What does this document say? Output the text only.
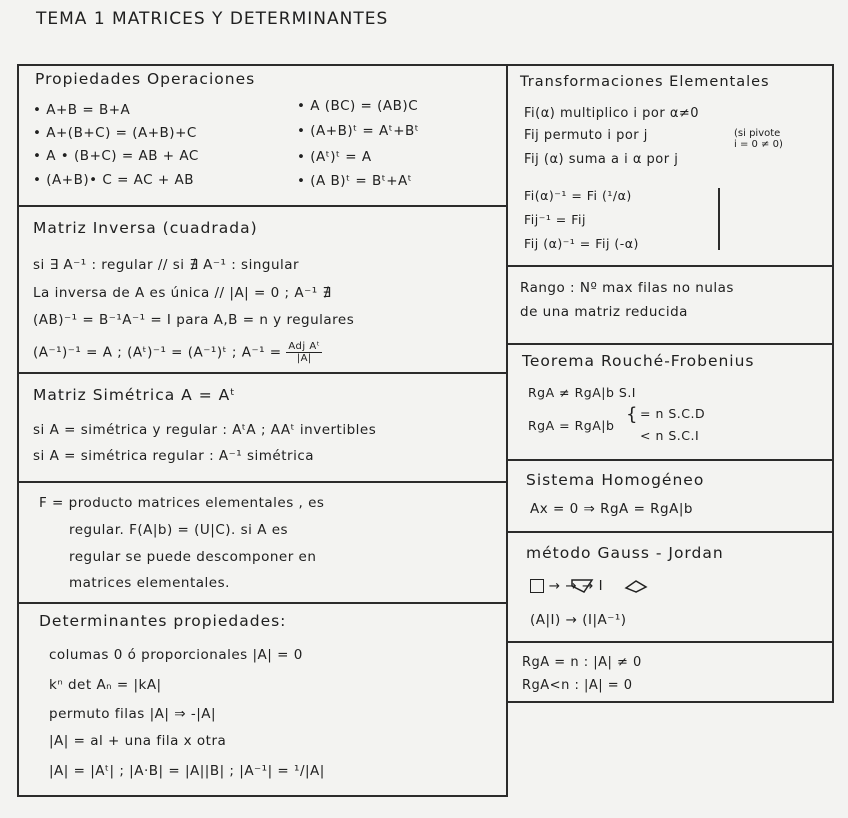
TEMA 1 MATRICES Y DETERMINANTES
Propiedades Operaciones
• A+B = B+A
• A+(B+C) = (A+B)+C
• A • (B+C) = AB + AC
• (A+B)• C = AC + AB
• A (BC) = (AB)C
• (A+B)ᵗ = Aᵗ+Bᵗ
• (Aᵗ)ᵗ = A
• (A B)ᵗ = Bᵗ+Aᵗ
Matriz Inversa (cuadrada)
si ∃ A⁻¹ : regular // si ∄ A⁻¹ : singular
La inversa de A es única // |A| = 0 ; A⁻¹ ∄
(AB)⁻¹ = B⁻¹A⁻¹ = I para A,B = n y regulares
(A⁻¹)⁻¹ = A ; (Aᵗ)⁻¹ = (A⁻¹)ᵗ ; $A^{-1} = \frac{\text{Adj Aᵗ}}{|A|}$
Matriz Simétrica A = Aᵗ
si A = simétrica y regular : AᵗA ; AAᵗ invertibles
si A = simétrica regular : A⁻¹ simétrica
F = producto matrices elementales , es
regular. F(A|b) = (U|C). si A es
regular se puede descomponer en
matrices elementales.
Determinantes propiedades:
columas 0 ó proporcionales |A| = 0
kⁿ det Aₙ = |kA|
permuto filas |A| ⇒ -|A|
|A| = al + una fila x otra
|A| = |Aᵗ| ; |A·B| = |A||B| ; |A⁻¹| = ¹/|A|
Transformaciones Elementales
Fi(α) multiplico i por α≠0
Fij permuto i por j	(si pivote
i = 0 ≠ 0)
Fij (α) suma a i α por j
Fi(α)⁻¹ = Fi (¹/α)
Fij⁻¹ = Fij
Fij (α)⁻¹ = Fij (-α)
Rango : Nº max filas no nulas
de una matriz reducida
Teorema Rouché-Frobenius
RgA ≠ RgA|b S.I
RgA = RgA|b
{ = n S.C.D
< n S.C.I
Sistema Homogéneo
Ax = 0 ⇒ RgA = RgA|b
método Gauss - Jordan
→ → → I
(A|I) → (I|A⁻¹)
RgA = n : |A| ≠ 0
RgA<n : |A| = 0
